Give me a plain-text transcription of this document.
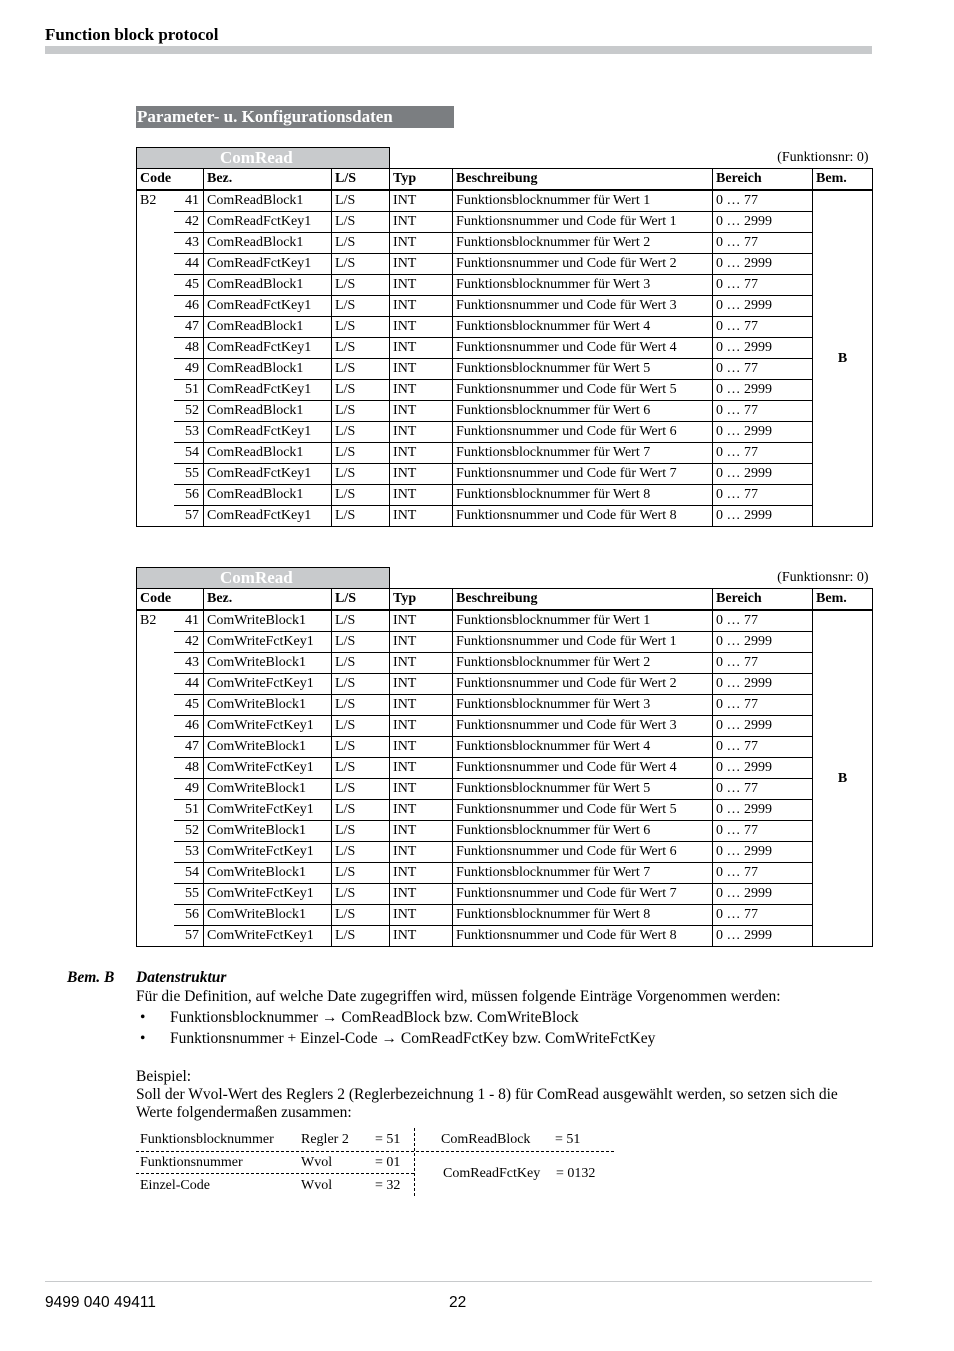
Function block protocol
Parameter- u. Konfigurationsdaten
ComRead				(Funktionsnr: 0)			
Code		Bez.	L/S	Typ	Beschreibung	Bereich	Bem.
B2	41	ComReadBlock1	L/S	INT	Funktionsblocknummer für Wert 1	0 … 77	B
	42	ComReadFctKey1	L/S	INT	Funktionsnummer und Code für Wert 1	0 … 2999	
	43	ComReadBlock1	L/S	INT	Funktionsblocknummer für Wert 2	0 … 77	
	44	ComReadFctKey1	L/S	INT	Funktionsnummer und Code für Wert 2	0 … 2999	
	45	ComReadBlock1	L/S	INT	Funktionsblocknummer für Wert 3	0 … 77	
	46	ComReadFctKey1	L/S	INT	Funktionsnummer und Code für Wert 3	0 … 2999	
	47	ComReadBlock1	L/S	INT	Funktionsblocknummer für Wert 4	0 … 77	
	48	ComReadFctKey1	L/S	INT	Funktionsnummer und Code für Wert 4	0 … 2999	
	49	ComReadBlock1	L/S	INT	Funktionsblocknummer für Wert 5	0 … 77	
	51	ComReadFctKey1	L/S	INT	Funktionsnummer und Code für Wert 5	0 … 2999	
	52	ComReadBlock1	L/S	INT	Funktionsblocknummer für Wert 6	0 … 77	
	53	ComReadFctKey1	L/S	INT	Funktionsnummer und Code für Wert 6	0 … 2999	
	54	ComReadBlock1	L/S	INT	Funktionsblocknummer für Wert 7	0 … 77	
	55	ComReadFctKey1	L/S	INT	Funktionsnummer und Code für Wert 7	0 … 2999	
	56	ComReadBlock1	L/S	INT	Funktionsblocknummer für Wert 8	0 … 77	
	57	ComReadFctKey1	L/S	INT	Funktionsnummer und Code für Wert 8	0 … 2999	
ComRead				(Funktionsnr: 0)			
Code		Bez.	L/S	Typ	Beschreibung	Bereich	Bem.
B2	41	ComWriteBlock1	L/S	INT	Funktionsblocknummer für Wert 1	0 … 77	B
	42	ComWriteFctKey1	L/S	INT	Funktionsnummer und Code für Wert 1	0 … 2999	
	43	ComWriteBlock1	L/S	INT	Funktionsblocknummer für Wert 2	0 … 77	
	44	ComWriteFctKey1	L/S	INT	Funktionsnummer und Code für Wert 2	0 … 2999	
	45	ComWriteBlock1	L/S	INT	Funktionsblocknummer für Wert 3	0 … 77	
	46	ComWriteFctKey1	L/S	INT	Funktionsnummer und Code für Wert 3	0 … 2999	
	47	ComWriteBlock1	L/S	INT	Funktionsblocknummer für Wert 4	0 … 77	
	48	ComWriteFctKey1	L/S	INT	Funktionsnummer und Code für Wert 4	0 … 2999	
	49	ComWriteBlock1	L/S	INT	Funktionsblocknummer für Wert 5	0 … 77	
	51	ComWriteFctKey1	L/S	INT	Funktionsnummer und Code für Wert 5	0 … 2999	
	52	ComWriteBlock1	L/S	INT	Funktionsblocknummer für Wert 6	0 … 77	
	53	ComWriteFctKey1	L/S	INT	Funktionsnummer und Code für Wert 6	0 … 2999	
	54	ComWriteBlock1	L/S	INT	Funktionsblocknummer für Wert 7	0 … 77	
	55	ComWriteFctKey1	L/S	INT	Funktionsnummer und Code für Wert 7	0 … 2999	
	56	ComWriteBlock1	L/S	INT	Funktionsblocknummer für Wert 8	0 … 77	
	57	ComWriteFctKey1	L/S	INT	Funktionsnummer und Code für Wert 8	0 … 2999	
Bem. B Datenstruktur
Für die Definition, auf welche Date zugegriffen wird, müssen folgende Einträge Vorgenommen werden:
• Funktionsblocknummer → ComReadBlock bzw. ComWriteBlock
• Funktionsnummer + Einzel-Code → ComReadFctKey bzw. ComWriteFctKey
Beispiel:
Soll der Wvol-Wert des Reglers 2 (Reglerbezeichnung 1 - 8) für ComRead ausgewählt werden, so setzen sich die Werte folgendermaßen zusammen:
Funktionsblocknummer Regler 2 = 51
Funktionsnummer	Wvol	= 01
Einzel-Code	Wvol	= 32
ComReadBlock = 51
ComReadFctKey = 0132
9499 040 49411	22
